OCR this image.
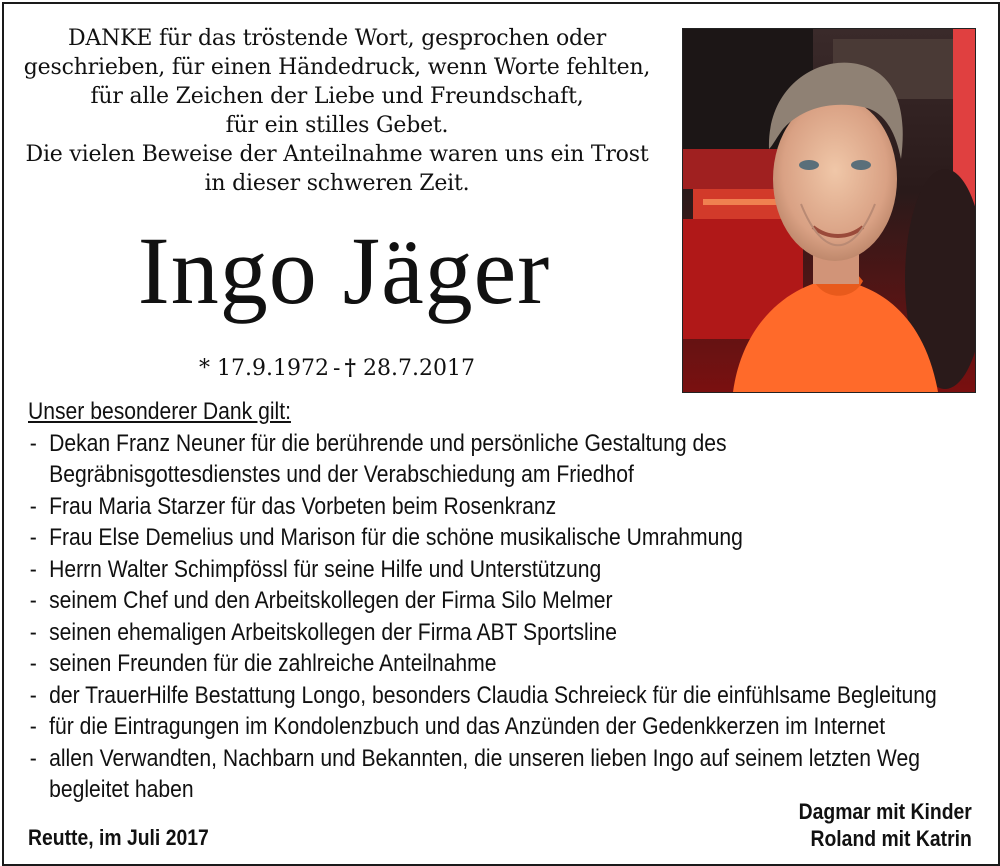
DANKE für das tröstende Wort, gesprochen oder
geschrieben, für einen Händedruck, wenn Worte fehlten,
für alle Zeichen der Liebe und Freundschaft,
für ein stilles Gebet.
Die vielen Beweise der Anteilnahme waren uns ein Trost
in dieser schweren Zeit.
Ingo Jäger
* 17.9.1972 - † 28.7.2017
Unser besonderer Dank gilt:
- Dekan Franz Neuner für die berührende und persönliche Gestaltung des
Begräbnisgottesdienstes und der Verabschiedung am Friedhof
- Frau Maria Starzer für das Vorbeten beim Rosenkranz
- Frau Else Demelius und Marison für die schöne musikalische Umrahmung
- Herrn Walter Schimpfössl für seine Hilfe und Unterstützung
- seinem Chef und den Arbeitskollegen der Firma Silo Melmer
- seinen ehemaligen Arbeitskollegen der Firma ABT Sportsline
- seinen Freunden für die zahlreiche Anteilnahme
- der TrauerHilfe Bestattung Longo, besonders Claudia Schreieck für die einfühlsame Begleitung
- für die Eintragungen im Kondolenzbuch und das Anzünden der Gedenkkerzen im Internet
- allen Verwandten, Nachbarn und Bekannten, die unseren lieben Ingo auf seinem letzten Weg
begleitet haben
Reutte, im Juli 2017
Dagmar mit Kinder
Roland mit Katrin
